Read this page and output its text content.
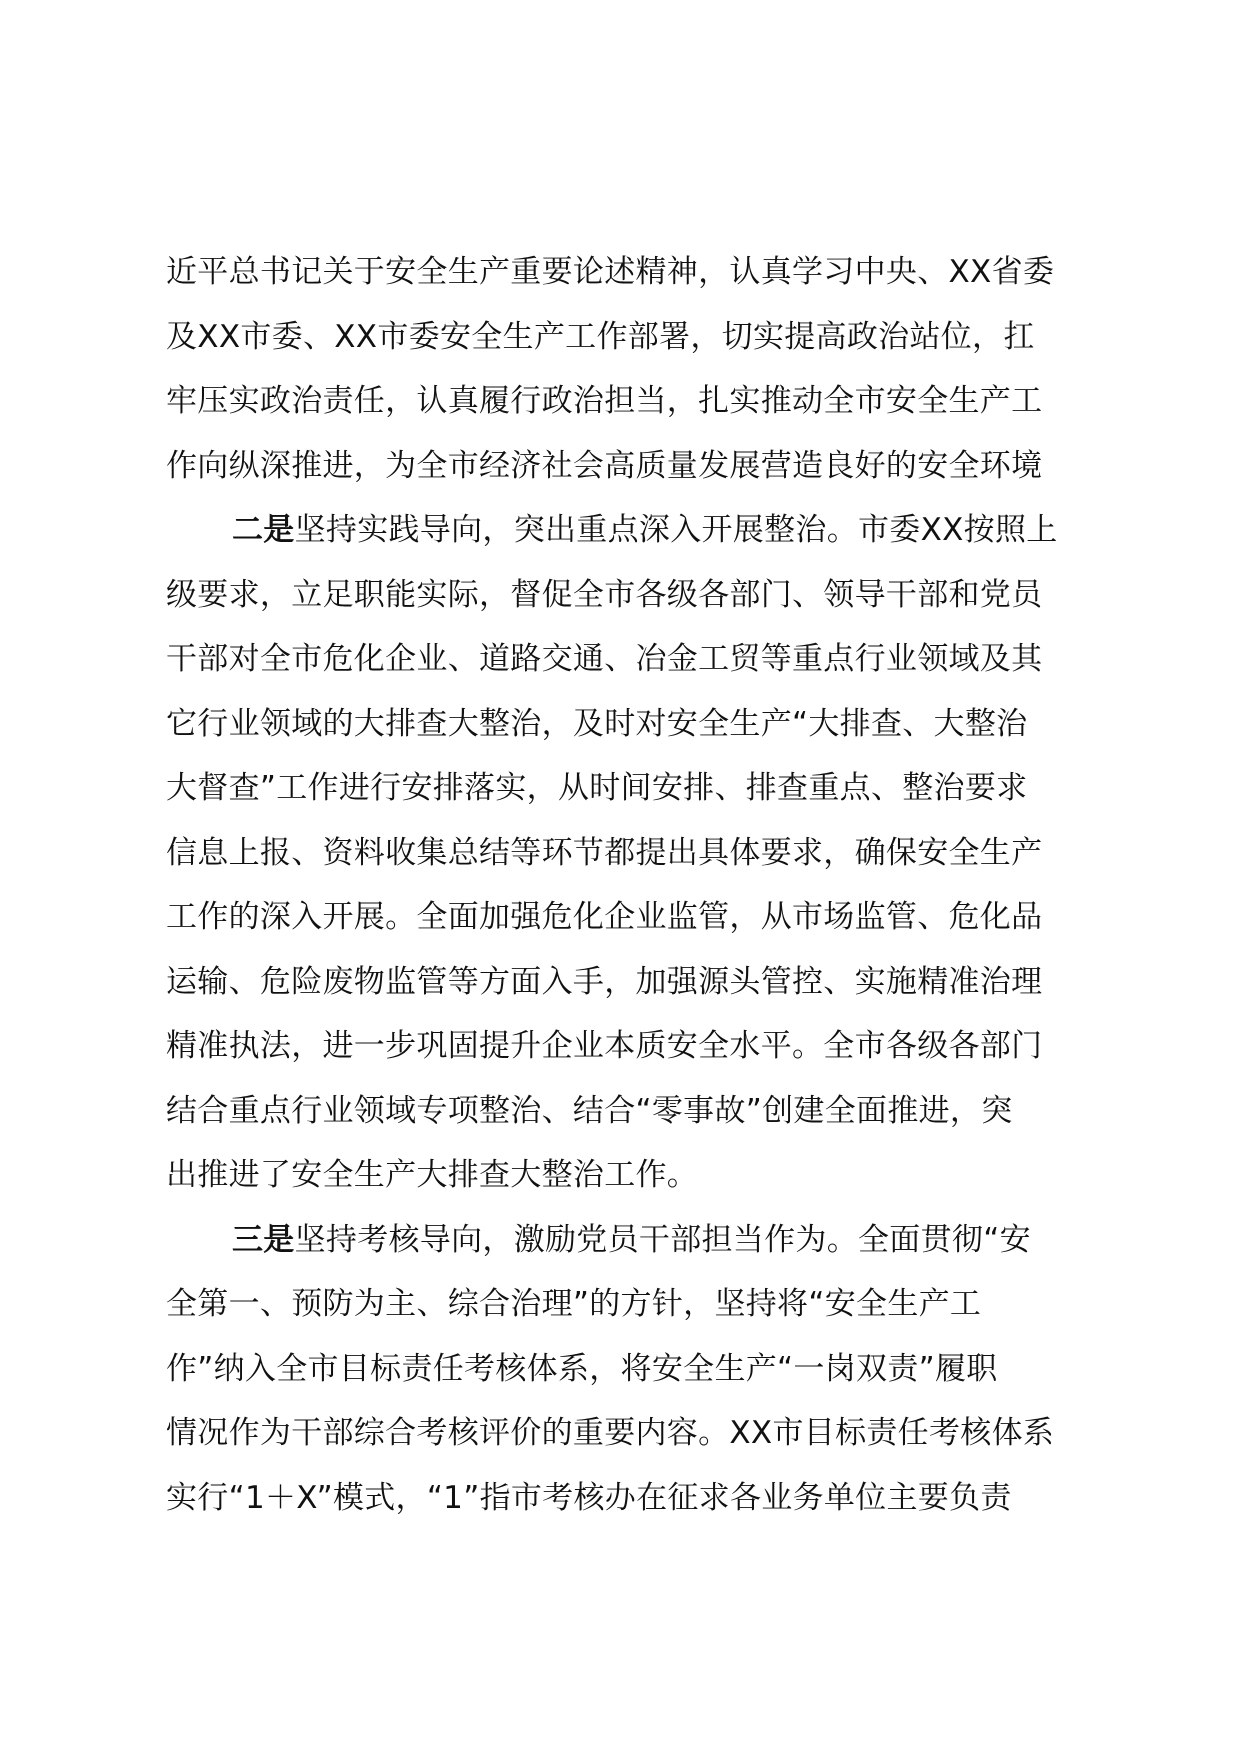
近平总书记关于安全生产重要论述精神，认真学习中央、XX省委
及XX市委、XX市委安全生产工作部署，切实提高政治站位，扛
牢压实政治责任，认真履行政治担当，扎实推动全市安全生产工
作向纵深推进，为全市经济社会高质量发展营造良好的安全环境
二是坚持实践导向，突出重点深入开展整治。市委XX按照上
级要求，立足职能实际，督促全市各级各部门、领导干部和党员
干部对全市危化企业、道路交通、冶金工贸等重点行业领域及其
它行业领域的大排查大整治，及时对安全生产“大排查、大整治
大督查”工作进行安排落实，从时间安排、排查重点、整治要求
信息上报、资料收集总结等环节都提出具体要求，确保安全生产
工作的深入开展。全面加强危化企业监管，从市场监管、危化品
运输、危险废物监管等方面入手，加强源头管控、实施精准治理
精准执法，进一步巩固提升企业本质安全水平。全市各级各部门
结合重点行业领域专项整治、结合“零事故”创建全面推进，突
出推进了安全生产大排查大整治工作。
三是坚持考核导向，激励党员干部担当作为。全面贯彻“安
全第一、预防为主、综合治理”的方针，坚持将“安全生产工
作”纳入全市目标责任考核体系，将安全生产“一岗双责”履职
情况作为干部综合考核评价的重要内容。XX市目标责任考核体系
实行“1＋X”模式，“1”指市考核办在征求各业务单位主要负责
